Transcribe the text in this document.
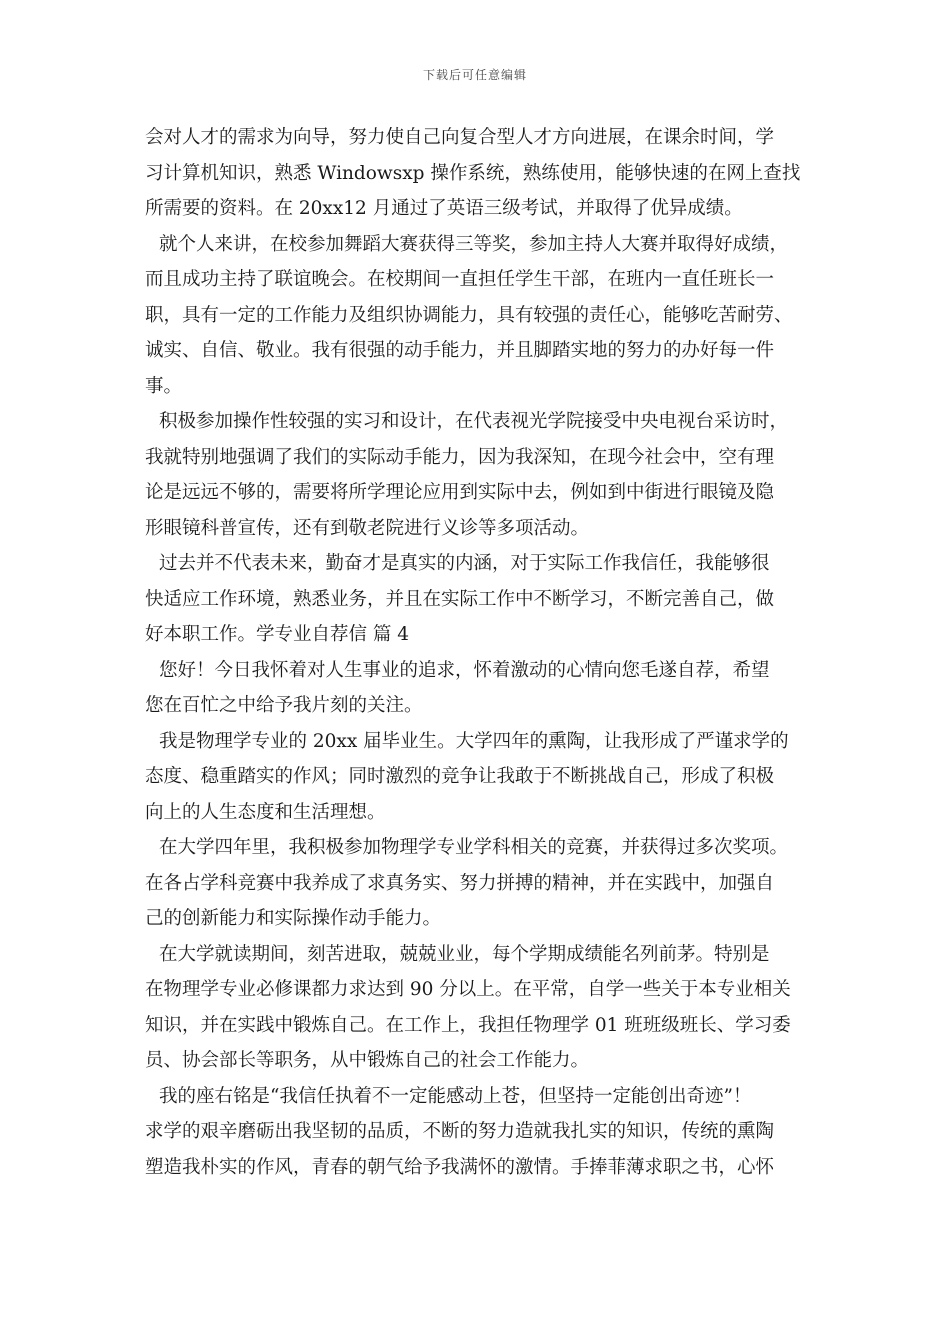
下载后可任意编辑
会对人才的需求为向导，努力使自己向复合型人才方向进展，在课余时间，学
习计算机知识，熟悉 Windowsxp 操作系统，熟练使用，能够快速的在网上查找
所需要的资料。在 20xx12 月通过了英语三级考试，并取得了优异成绩。
就个人来讲，在校参加舞蹈大赛获得三等奖，参加主持人大赛并取得好成绩，
而且成功主持了联谊晚会。在校期间一直担任学生干部，在班内一直任班长一
职，具有一定的工作能力及组织协调能力，具有较强的责任心，能够吃苦耐劳、
诚实、自信、敬业。我有很强的动手能力，并且脚踏实地的努力的办好每一件
事。
积极参加操作性较强的实习和设计，在代表视光学院接受中央电视台采访时，
我就特别地强调了我们的实际动手能力，因为我深知，在现今社会中，空有理
论是远远不够的，需要将所学理论应用到实际中去，例如到中街进行眼镜及隐
形眼镜科普宣传，还有到敬老院进行义诊等多项活动。
过去并不代表未来，勤奋才是真实的内涵，对于实际工作我信任，我能够很
快适应工作环境，熟悉业务，并且在实际工作中不断学习，不断完善自己，做
好本职工作。学专业自荐信 篇 4
您好！今日我怀着对人生事业的追求，怀着激动的心情向您毛遂自荐，希望
您在百忙之中给予我片刻的关注。
我是物理学专业的 20xx 届毕业生。大学四年的熏陶，让我形成了严谨求学的
态度、稳重踏实的作风；同时激烈的竞争让我敢于不断挑战自己，形成了积极
向上的人生态度和生活理想。
在大学四年里，我积极参加物理学专业学科相关的竞赛，并获得过多次奖项。
在各占学科竞赛中我养成了求真务实、努力拼搏的精神，并在实践中，加强自
己的创新能力和实际操作动手能力。
在大学就读期间，刻苦进取，兢兢业业，每个学期成绩能名列前茅。特别是
在物理学专业必修课都力求达到 90 分以上。在平常，自学一些关于本专业相关
知识，并在实践中锻炼自己。在工作上，我担任物理学 01 班班级班长、学习委
员、协会部长等职务，从中锻炼自己的社会工作能力。
我的座右铭是“我信任执着不一定能感动上苍，但坚持一定能创出奇迹”！
求学的艰辛磨砺出我坚韧的品质，不断的努力造就我扎实的知识，传统的熏陶
塑造我朴实的作风，青春的朝气给予我满怀的激情。手捧菲薄求职之书，心怀
